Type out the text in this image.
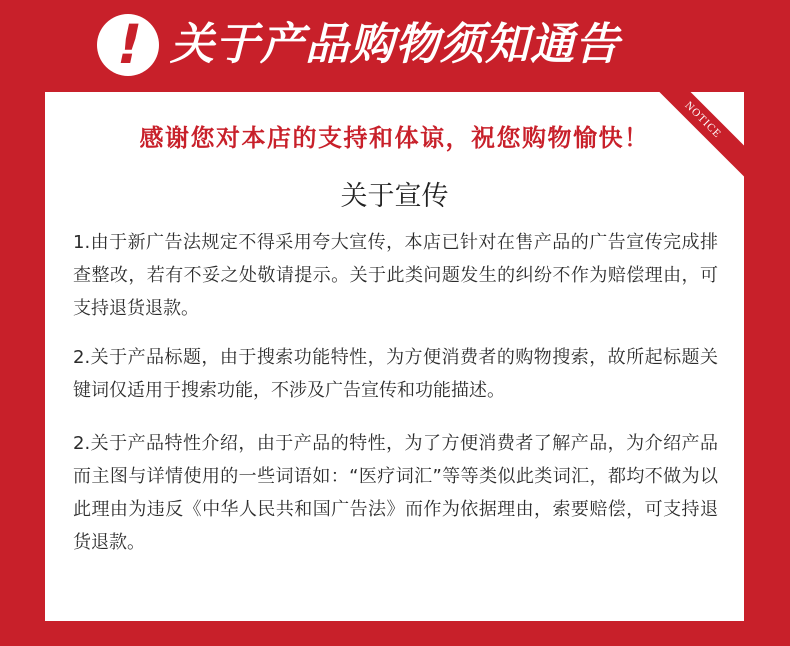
! 关于产品购物须知通告
NOTICE
感谢您对本店的支持和体谅，祝您购物愉快！
关于宣传
1.由于新广告法规定不得采用夸大宣传，本店已针对在售产品的广告宣传完成排查整改，若有不妥之处敬请提示。关于此类问题发生的纠纷不作为赔偿理由，可支持退货退款。
2.关于产品标题，由于搜索功能特性，为方便消费者的购物搜索，故所起标题关键词仅适用于搜索功能，不涉及广告宣传和功能描述。
2.关于产品特性介绍，由于产品的特性，为了方便消费者了解产品，为介绍产品而主图与详情使用的一些词语如：“医疗词汇”等等类似此类词汇，都均不做为以此理由为违反《中华人民共和国广告法》而作为依据理由，索要赔偿，可支持退货退款。
